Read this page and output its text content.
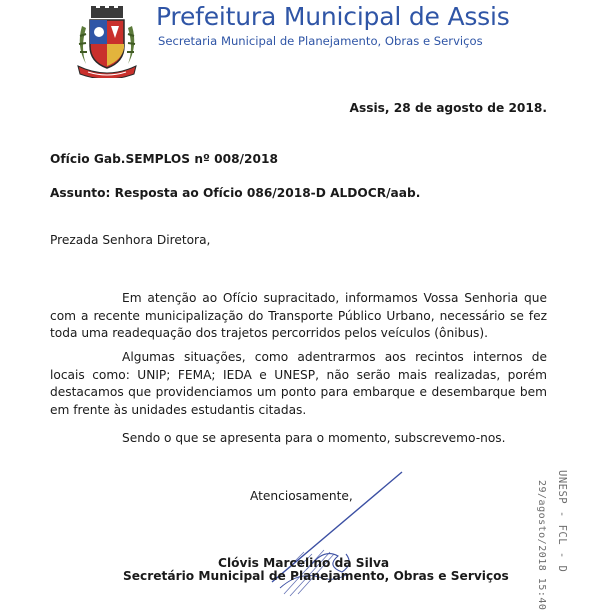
Prefeitura Municipal de Assis
Secretaria Municipal de Planejamento, Obras e Serviços
Assis, 28 de agosto de 2018.
Ofício Gab.SEMPLOS nº 008/2018
Assunto: Resposta ao Ofício 086/2018-D ALDOCR/aab.
Prezada Senhora Diretora,
Em atenção ao Ofício supracitado, informamos Vossa Senhoria que com a recente municipalização do Transporte Público Urbano, necessário se fez toda uma readequação dos trajetos percorridos pelos veículos (ônibus).
Algumas situações, como adentrarmos aos recintos internos de locais como: UNIP; FEMA; IEDA e UNESP, não serão mais realizadas, porém destacamos que providenciamos um ponto para embarque e desembarque bem em frente às unidades estudantis citadas.
Sendo o que se apresenta para o momento, subscrevemo-nos.
Atenciosamente,
Clóvis Marcelino da Silva
Secretário Municipal de Planejamento, Obras e Serviços
UNESP - FCL - D
29/agosto/2018 15:40
